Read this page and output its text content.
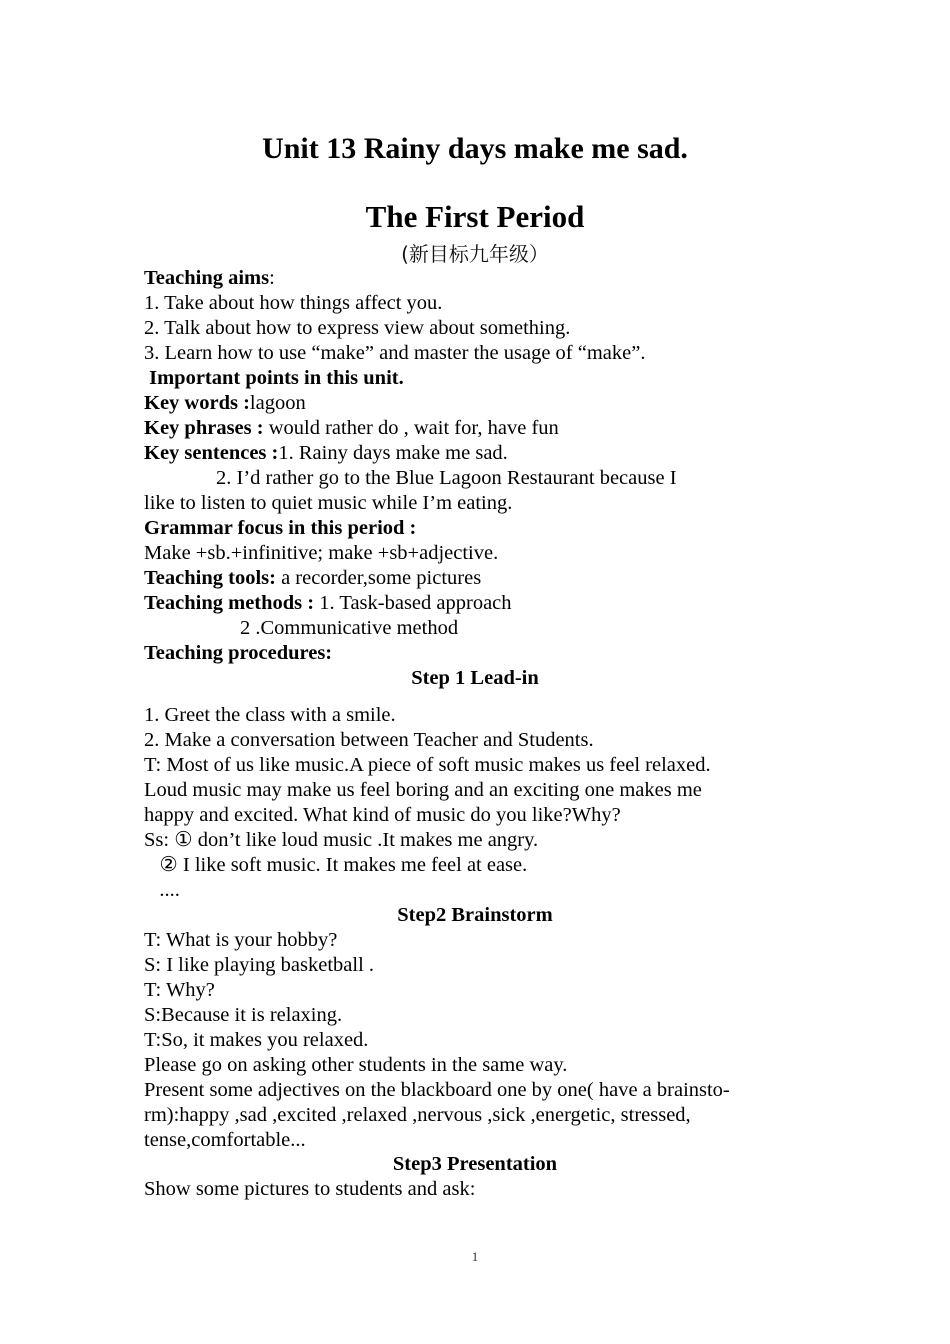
Unit 13 Rainy days make me sad.
The First Period
(新目标九年级）
Teaching aims:
1. Take about how things affect you.
2. Talk about how to express view about something.
3. Learn how to use “make” and master the usage of “make”.
Important points in this unit.
Key words :lagoon
Key phrases : would rather do , wait for, have fun
Key sentences :1. Rainy days make me sad.
2. I’d rather go to the Blue Lagoon Restaurant because I
like to listen to quiet music while I’m eating.
Grammar focus in this period :
Make +sb.+infinitive; make +sb+adjective.
Teaching tools: a recorder,some pictures
Teaching methods : 1. Task-based approach
2 .Communicative method
Teaching procedures:
Step 1 Lead-in
1. Greet the class with a smile.
2. Make a conversation between Teacher and Students.
T: Most of us like music.A piece of soft music makes us feel relaxed.
Loud music may make us feel boring and an exciting one makes me
happy and excited. What kind of music do you like?Why?
Ss: ① don’t like loud music .It makes me angry.
② I like soft music. It makes me feel at ease.
....
Step2 Brainstorm
T: What is your hobby?
S: I like playing basketball .
T: Why?
S:Because it is relaxing.
T:So, it makes you relaxed.
Please go on asking other students in the same way.
Present some adjectives on the blackboard one by one( have a brainsto-
rm):happy ,sad ,excited ,relaxed ,nervous ,sick ,energetic, stressed,
tense,comfortable...
Step3 Presentation
Show some pictures to students and ask:
1
